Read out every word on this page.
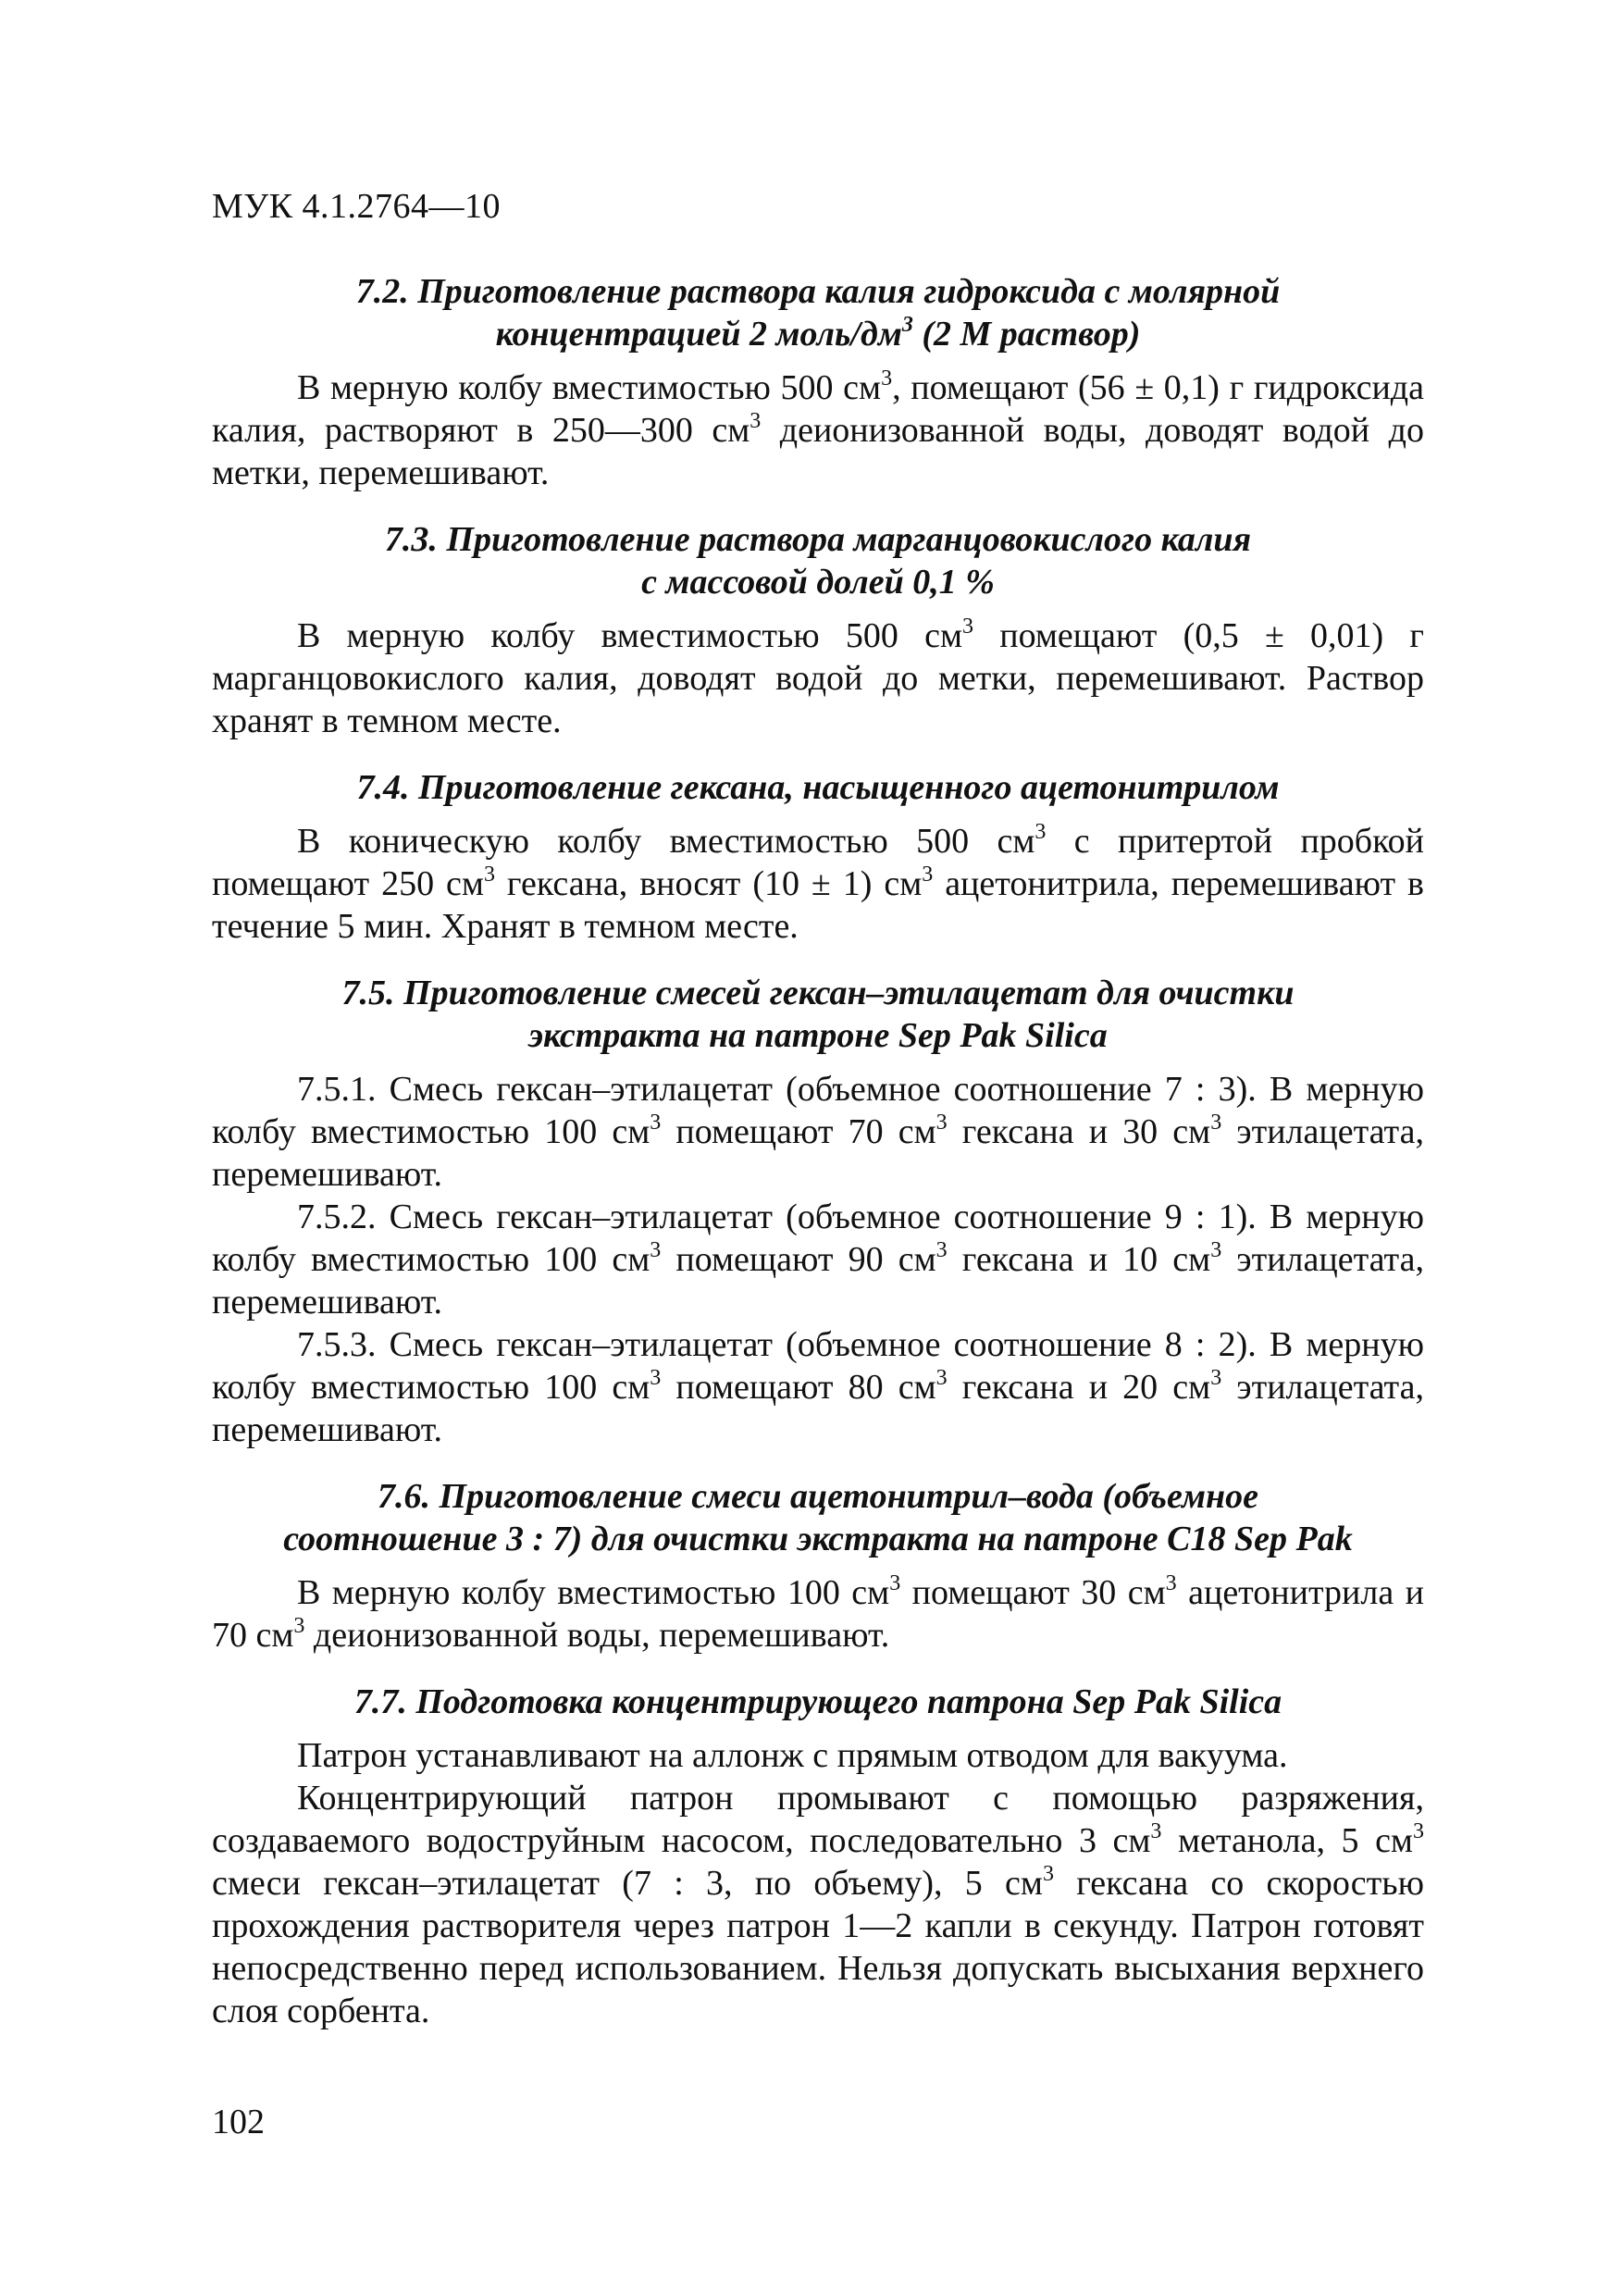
МУК 4.1.2764—10
7.2. Приготовление раствора калия гидроксида с молярной
концентрацией 2 моль/$дм^3$ (2 М раствор)

В мерную колбу вместимостью 500 $см^3$, помещают (56 ± 0,1) г гидроксида калия, растворяют в 250—300 $см^3$ деионизованной воды, доводят водой до метки, перемешивают.

7.3. Приготовление раствора марганцовокислого калия
с массовой долей 0,1 %

В мерную колбу вместимостью 500 $см^3$ помещают (0,5 ± 0,01) г марганцовокислого калия, доводят водой до метки, перемешивают. Раствор хранят в темном месте.

7.4. Приготовление гексана, насыщенного ацетонитрилом

В коническую колбу вместимостью 500 $см^3$ с притертой пробкой помещают 250 $см^3$ гексана, вносят (10 ± 1) $см^3$ ацетонитрила, перемешивают в течение 5 мин. Хранят в темном месте.

7.5. Приготовление смесей гексан–этилацетат для очистки
экстракта на патроне Sep Pak Silica

7.5.1. Смесь гексан–этилацетат (объемное соотношение 7 : 3). В мерную колбу вместимостью 100 $см^3$ помещают 70 $см^3$ гексана и 30 $см^3$ этилацетата, перемешивают.

7.5.2. Смесь гексан–этилацетат (объемное соотношение 9 : 1). В мерную колбу вместимостью 100 $см^3$ помещают 90 $см^3$ гексана и 10 $см^3$ этилацетата, перемешивают.

7.5.3. Смесь гексан–этилацетат (объемное соотношение 8 : 2). В мерную колбу вместимостью 100 $см^3$ помещают 80 $см^3$ гексана и 20 $см^3$ этилацетата, перемешивают.

7.6. Приготовление смеси ацетонитрил–вода (объемное
соотношение 3 : 7) для очистки экстракта на патроне С18 Sep Pak

В мерную колбу вместимостью 100 $см^3$ помещают 30 $см^3$ ацетонитрила и 70 $см^3$ деионизованной воды, перемешивают.

7.7. Подготовка концентрирующего патрона Sep Pak Silica

Патрон устанавливают на аллонж с прямым отводом для вакуума.

Концентрирующий патрон промывают с помощью разряжения, создаваемого водоструйным насосом, последовательно 3 $см^3$ метанола, 5 $см^3$ смеси гексан–этилацетат (7 : 3, по объему), 5 $см^3$ гексана со скоростью прохождения растворителя через патрон 1—2 капли в секунду. Патрон готовят непосредственно перед использованием. Нельзя допускать высыхания верхнего слоя сорбента.

102
